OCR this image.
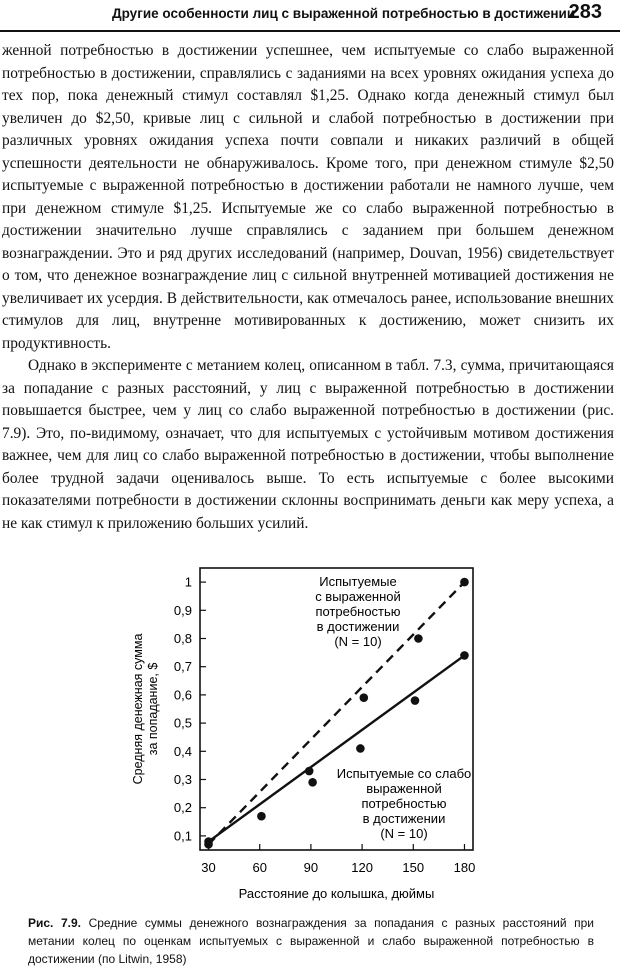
Другие особенности лиц с выраженной потребностью в достижении
283

женной потребностью в достижении успешнее, чем испытуемые со слабо выраженной потребностью в достижении, справлялись с заданиями на всех уровнях ожидания успеха до тех пор, пока денежный стимул составлял $1,25. Однако когда денежный стимул был увеличен до $2,50, кривые лиц с сильной и слабой потребностью в достижении при различных уровнях ожидания успеха почти совпали и никаких различий в общей успешности деятельности не обнаруживалось. Кроме того, при денежном стимуле $2,50 испытуемые с выраженной потребностью в достижении работали не намного лучше, чем при денежном стимуле $1,25. Испытуемые же со слабо выраженной потребностью в достижении значительно лучше справлялись с заданием при большем денежном вознаграждении. Это и ряд других исследований (например, Douvan, 1956) свидетельствует о том, что денежное вознаграждение лиц с сильной внутренней мотивацией достижения не увеличивает их усердия. В действительности, как отмечалось ранее, использование внешних стимулов для лиц, внутренне мотивированных к достижению, может снизить их продуктивность.

Однако в эксперименте с метанием колец, описанном в табл. 7.3, сумма, причитающаяся за попадание с разных расстояний, у лиц с выраженной потребностью в достижении повышается быстрее, чем у лиц со слабо выраженной потребностью в достижении (рис. 7.9). Это, по-видимому, означает, что для испытуемых с устойчивым мотивом достижения важнее, чем для лиц со слабо выраженной потребностью в достижении, чтобы выполнение более трудной задачи оценивалось выше. То есть испытуемые с более высокими показателями потребности в достижении склонны воспринимать деньги как меру успеха, а не как стимул к приложению больших усилий.

0,1
0,2
0,3
0,4
0,5
0,6
0,7
0,8
0,9
1
30	60	90	120 150 180
Расстояние до колышка, дюймы
Средняя денежная сумма за попадание, $
Испытуемые
с выраженной
потребностью
в достижении
(N = 10)
Испытуемые со слабо
выраженной
потребностью
в достижении
(N = 10)
Рис. 7.9. Средние суммы денежного вознаграждения за попадания с разных расстояний при метании колец по оценкам испытуемых с выраженной и слабо выраженной потребностью в достижении (по Litwin, 1958)
